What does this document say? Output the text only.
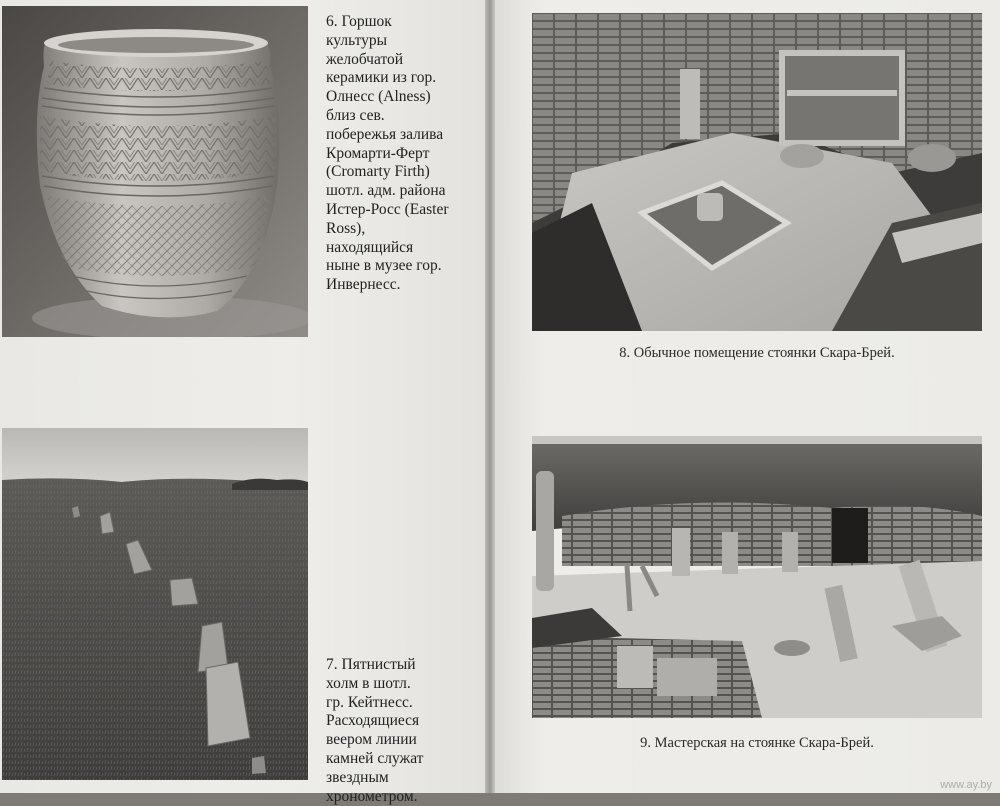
6. Горшок
культуры
желобчатой
керамики из гор.
Олнесс (Alness)
близ сев.
побережья залива
Кромарти-Ферт
(Cromarty Firth)
шотл. адм. района
Истер-Росс (Easter
Ross),
находящийся
ныне в музее гор.
Инвернесс.

7. Пятнистый
холм в шотл.
гр. Кейтнесс.
Расходящиеся
веером линии
камней служат
звездным
хронометром.

8. Обычное помещение стоянки Скара-Брей.
9. Мастерская на стоянке Скара-Брей.
www.ay.by
